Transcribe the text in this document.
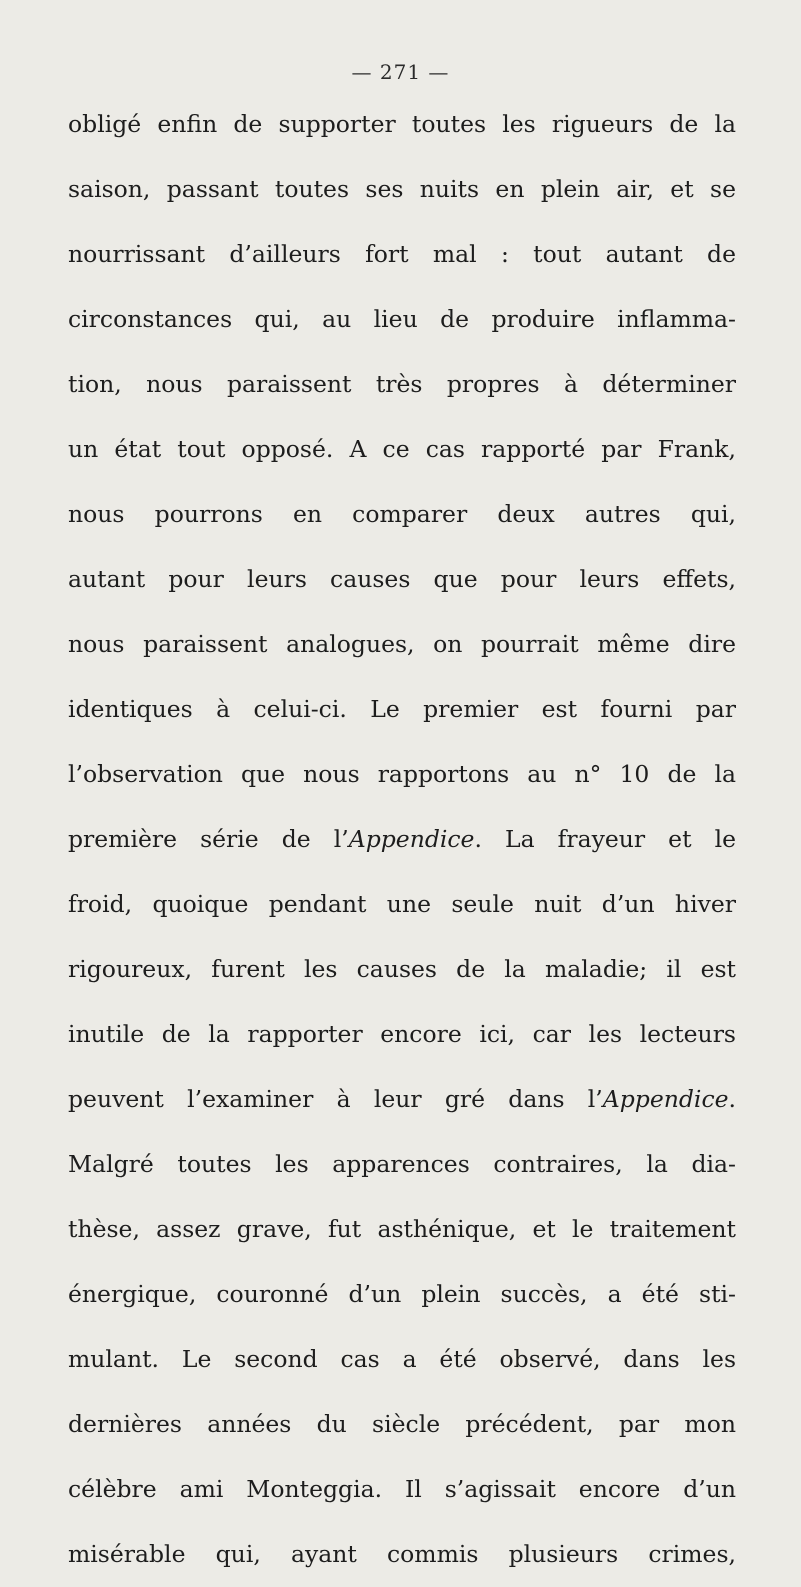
— 271 —
obligé enfin de supporter toutes les rigueurs de la
saison, passant toutes ses nuits en plein air, et se
nourrissant d’ailleurs fort mal : tout autant de
circonstances qui, au lieu de produire inflamma-
tion, nous paraissent très propres à déterminer
un état tout opposé. A ce cas rapporté par Frank,
nous pourrons en comparer deux autres qui,
autant pour leurs causes que pour leurs effets,
nous paraissent analogues, on pourrait même dire
identiques à celui-ci. Le premier est fourni par
l’observation que nous rapportons au n° 10 de la
première série de l’Appendice. La frayeur et le
froid, quoique pendant une seule nuit d’un hiver
rigoureux, furent les causes de la maladie; il est
inutile de la rapporter encore ici, car les lecteurs
peuvent l’examiner à leur gré dans l’Appendice.
Malgré toutes les apparences contraires, la dia-
thèse, assez grave, fut asthénique, et le traitement
énergique, couronné d’un plein succès, a été sti-
mulant. Le second cas a été observé, dans les
dernières années du siècle précédent, par mon
célèbre ami Monteggia. Il s’agissait encore d’un
misérable qui, ayant commis plusieurs crimes,
